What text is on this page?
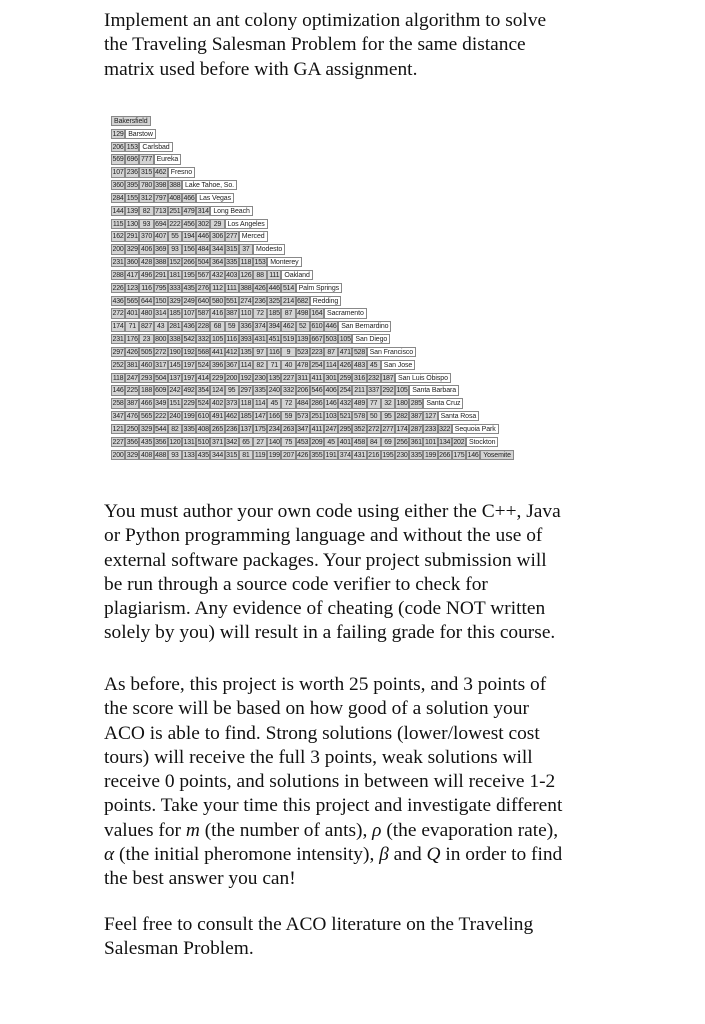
Implement an ant colony optimization algorithm to solve
the Traveling Salesman Problem for the same distance
matrix used before with GA assignment.
Bakersfield
129 Barstow
206 153 Carlsbad
569 696 777 Eureka
107 236 315 462 Fresno
360 395 780 398 388 Lake Tahoe, So.
284 155 312 797 408 466 Las Vegas
144 139 82 713 251 479 314 Long Beach
115 130 93 694 222 456 302 29 Los Angeles
162 291 370 407 55 194 446 306 277 Merced
200 329 406 369 93 156 484 344 315 37 Modesto
231 360 428 388 152 266 504 364 335 118 153 Monterey
288 417 496 291 181 195 567 432 403 126 88 111 Oakland
226 123 116 795 333 435 276 112 111 388 426 446 514 Palm Springs
436 565 644 150 329 249 640 580 551 274 236 325 214 682 Redding
272 401 480 314 185 107 587 416 387 110 72 185 87 498 164 Sacramento
174 71 827 43 281 436 228 68 59 336 374 394 462 52 610 446 San Bernardino
231 176 23 800 338 542 332 105 116 393 431 451 519 139 667 503 105 San Diego
297 426 505 272 190 192 568 441 412 135 97 116	9 523 223 87 471 528 San Francisco
252 381 460 317 145 197 524 396 367 114 82 71 40 478 254 114 426 483 45 San Jose
118 247 293 504 137 197 414 229 200 192 230 135 227 311 411 301 259 316 232 187 San Luis Obispo
146 225 188 609 242 492 354 124 95 297 335 240 332 206 546 406 254 211 337 292 105 Santa Barbara
258 387 466 349 151 229 524 402 373 118 114 45 72 484 286 146 432 489 77 32 180 285 Santa Cruz
347 476 565 222 240 199 610 491 462 185 147 166 59 573 251 103 521 578 50 95 282 387 127 Santa Rosa
121 250 329 544 82 335 408 265 236 137 175 234 263 347 411 247 295 352 272 277 174 287 233 322 Sequoia Park
227 356 435 356 120 131 510 371 342 65 27 140 75 453 209 45 401 458 84 69 256 361 101 134 202 Stockton
200 329 408 488 93 133 435 344 315 81 119 199 207 426 355 191 374 431 216 195 230 335 199 266 175 146 Yosemite
You must author your own code using either the C++, Java
or Python programming language and without the use of
external software packages. Your project submission will
be run through a source code verifier to check for
plagiarism. Any evidence of cheating (code NOT written
solely by you) will result in a failing grade for this course.
As before, this project is worth 25 points, and 3 points of
the score will be based on how good of a solution your
ACO is able to find. Strong solutions (lower/lowest cost
tours) will receive the full 3 points, weak solutions will
receive 0 points, and solutions in between will receive 1-2
points. Take your time this project and investigate different
values for m (the number of ants), ρ (the evaporation rate),
α (the initial pheromone intensity), β and Q in order to find
the best answer you can!
Feel free to consult the ACO literature on the Traveling
Salesman Problem.
